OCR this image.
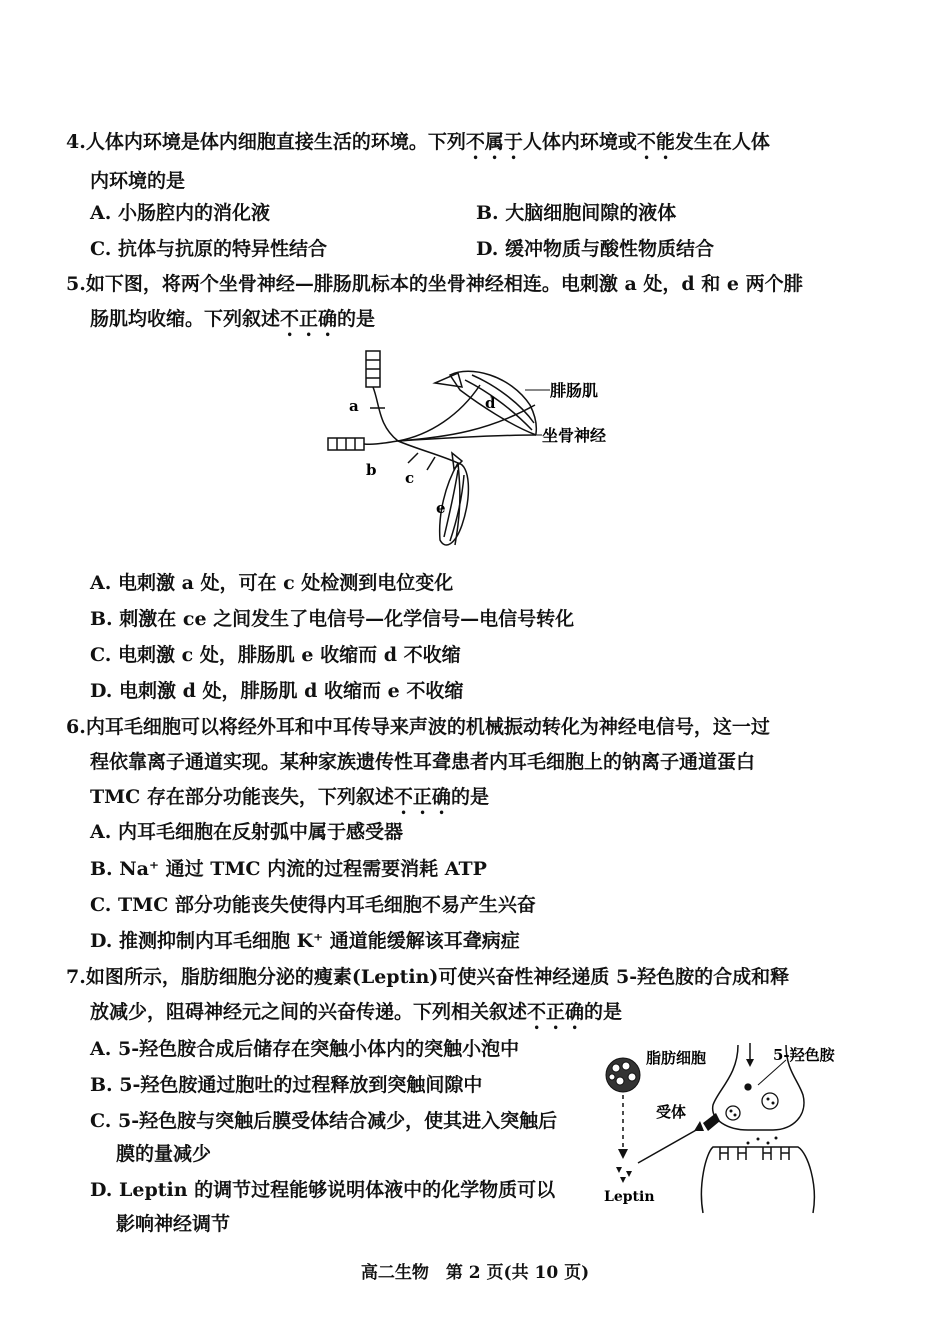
4.人体内环境是体内细胞直接生活的环境。下列不属于人体内环境或不能发生在人体
内环境的是
A. 小肠腔内的消化液	B. 大脑细胞间隙的液体
C. 抗体与抗原的特异性结合	D. 缓冲物质与酸性物质结合
5.如下图，将两个坐骨神经—腓肠肌标本的坐骨神经相连。电刺激 a 处，d 和 e 两个腓
肠肌均收缩。下列叙述不正确的是
腓肠肌
坐骨神经
a
b c
d
e
A. 电刺激 a 处，可在 c 处检测到电位变化
B. 刺激在 ce 之间发生了电信号—化学信号—电信号转化
C. 电刺激 c 处，腓肠肌 e 收缩而 d 不收缩
D. 电刺激 d 处，腓肠肌 d 收缩而 e 不收缩
6.内耳毛细胞可以将经外耳和中耳传导来声波的机械振动转化为神经电信号，这一过
程依靠离子通道实现。某种家族遗传性耳聋患者内耳毛细胞上的钠离子通道蛋白
TMC 存在部分功能丧失，下列叙述不正确的是
A. 内耳毛细胞在反射弧中属于感受器
B. Na⁺ 通过 TMC 内流的过程需要消耗 ATP
C. TMC 部分功能丧失使得内耳毛细胞不易产生兴奋
D. 推测抑制内耳毛细胞 K⁺ 通道能缓解该耳聋病症
7.如图所示，脂肪细胞分泌的瘦素(Leptin)可使兴奋性神经递质 5-羟色胺的合成和释
放减少，阻碍神经元之间的兴奋传递。下列相关叙述不正确的是
A. 5-羟色胺合成后储存在突触小体内的突触小泡中
B. 5-羟色胺通过胞吐的过程释放到突触间隙中
C. 5-羟色胺与突触后膜受体结合减少，使其进入突触后
膜的量减少
D. Leptin 的调节过程能够说明体液中的化学物质可以
影响神经调节
脂肪细胞	5-羟色胺
受体
Leptin
高二生物　第 2 页(共 10 页)
